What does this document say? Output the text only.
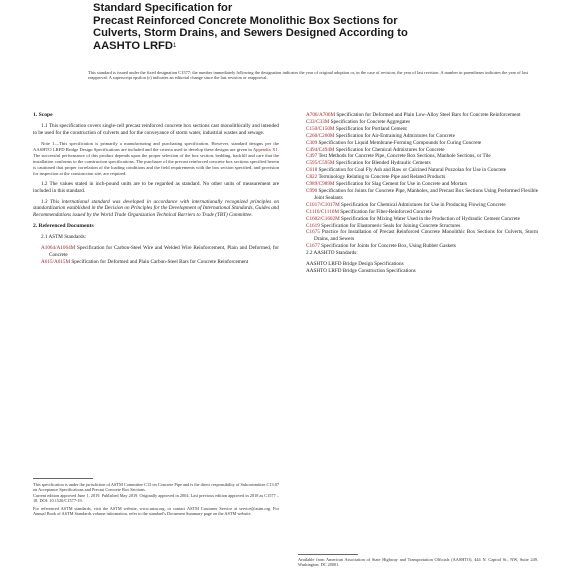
Standard Specification for
Precast Reinforced Concrete Monolithic Box Sections for
Culverts, Storm Drains, and Sewers Designed According to
AASHTO LRFD$^1$
This standard is issued under the fixed designation C1577; the number immediately following the designation indicates the year of original adoption or, in the case of revision, the year of last revision. A number in parentheses indicates the year of last reapproval. A superscript epsilon (ε) indicates an editorial change since the last revision or reapproval.
1. Scope

1.1 This specification covers single-cell precast reinforced concrete box sections cast monolithically and intended to be used for the construction of culverts and for the conveyance of storm water, industrial wastes and sewage.

Note 1—This specification is primarily a manufacturing and purchasing specification. However, standard designs per the AASHTO LRFD Bridge Design Specifications are included and the criteria used to develop these designs are given in Appendix X1. The successful performance of this product depends upon the proper selection of the box section, bedding, backfill and care that the installation conforms to the construction specifications. The purchaser of the precast reinforced concrete box sections specified herein is cautioned that proper correlation of the loading conditions and the field requirements with the box section specified, and provision for inspection at the construction site, are required.

1.2 The values stated in inch-pound units are to be regarded as standard. No other units of measurement are included in this standard.

1.3 This international standard was developed in accordance with internationally recognized principles on standardization established in the Decision on Principles for the Development of International Standards, Guides and Recommendations issued by the World Trade Organization Technical Barriers to Trade (TBT) Committee.

2. Referenced Documents

2.1 ASTM Standards:

A1064/A1064M Specification for Carbon-Steel Wire and Welded Wire Reinforcement, Plain and Deformed, for Concrete

A615/A615M Specification for Deformed and Plain Carbon-Steel Bars for Concrete Reinforcement

This specification is under the jurisdiction of ASTM Committee C13 on Concrete Pipe and is the direct responsibility of Subcommittee C13.07 on Acceptance Specifications and Precast Concrete Box Sections.
Current edition approved June 1, 2019. Published May 2019. Originally approved in 2004. Last previous edition approved in 2018 as C1577 – 18. DOI: 10.1520/C1577-19.
For referenced ASTM standards, visit the ASTM website, www.astm.org, or contact ASTM Customer Service at service@astm.org. For Annual Book of ASTM Standards volume information, refer to the standard's Document Summary page on the ASTM website.

A706/A706M Specification for Deformed and Plain Low-Alloy Steel Bars for Concrete Reinforcement

C33/C33M Specification for Concrete Aggregates

C150/C150M Specification for Portland Cement

C260/C260M Specification for Air-Entraining Admixtures for Concrete

C309 Specification for Liquid Membrane-Forming Compounds for Curing Concrete

C494/C494M Specification for Chemical Admixtures for Concrete

C497 Test Methods for Concrete Pipe, Concrete Box Sections, Manhole Sections, or Tile

C595/C595M Specification for Blended Hydraulic Cements

C618 Specification for Coal Fly Ash and Raw or Calcined Natural Pozzolan for Use in Concrete

C822 Terminology Relating to Concrete Pipe and Related Products

C989/C989M Specification for Slag Cement for Use in Concrete and Mortars

C990 Specification for Joints for Concrete Pipe, Manholes, and Precast Box Sections Using Preformed Flexible Joint Sealants

C1017/C1017M Specification for Chemical Admixtures for Use in Producing Flowing Concrete

C1116/C1116M Specification for Fiber-Reinforced Concrete

C1602/C1602M Specification for Mixing Water Used in the Production of Hydraulic Cement Concrete

C1619 Specification for Elastomeric Seals for Joining Concrete Structures

C1675 Practice for Installation of Precast Reinforced Concrete Monolithic Box Sections for Culverts, Storm Drains, and Sewers

C1677 Specification for Joints for Concrete Box, Using Rubber Gaskets

2.2 AASHTO Standards:

AASHTO LRFD Bridge Design Specifications

AASHTO LRFD Bridge Construction Specifications

Available from American Association of State Highway and Transportation Officials (AASHTO), 444 N. Capitol St., NW, Suite 249, Washington, DC 20001.
